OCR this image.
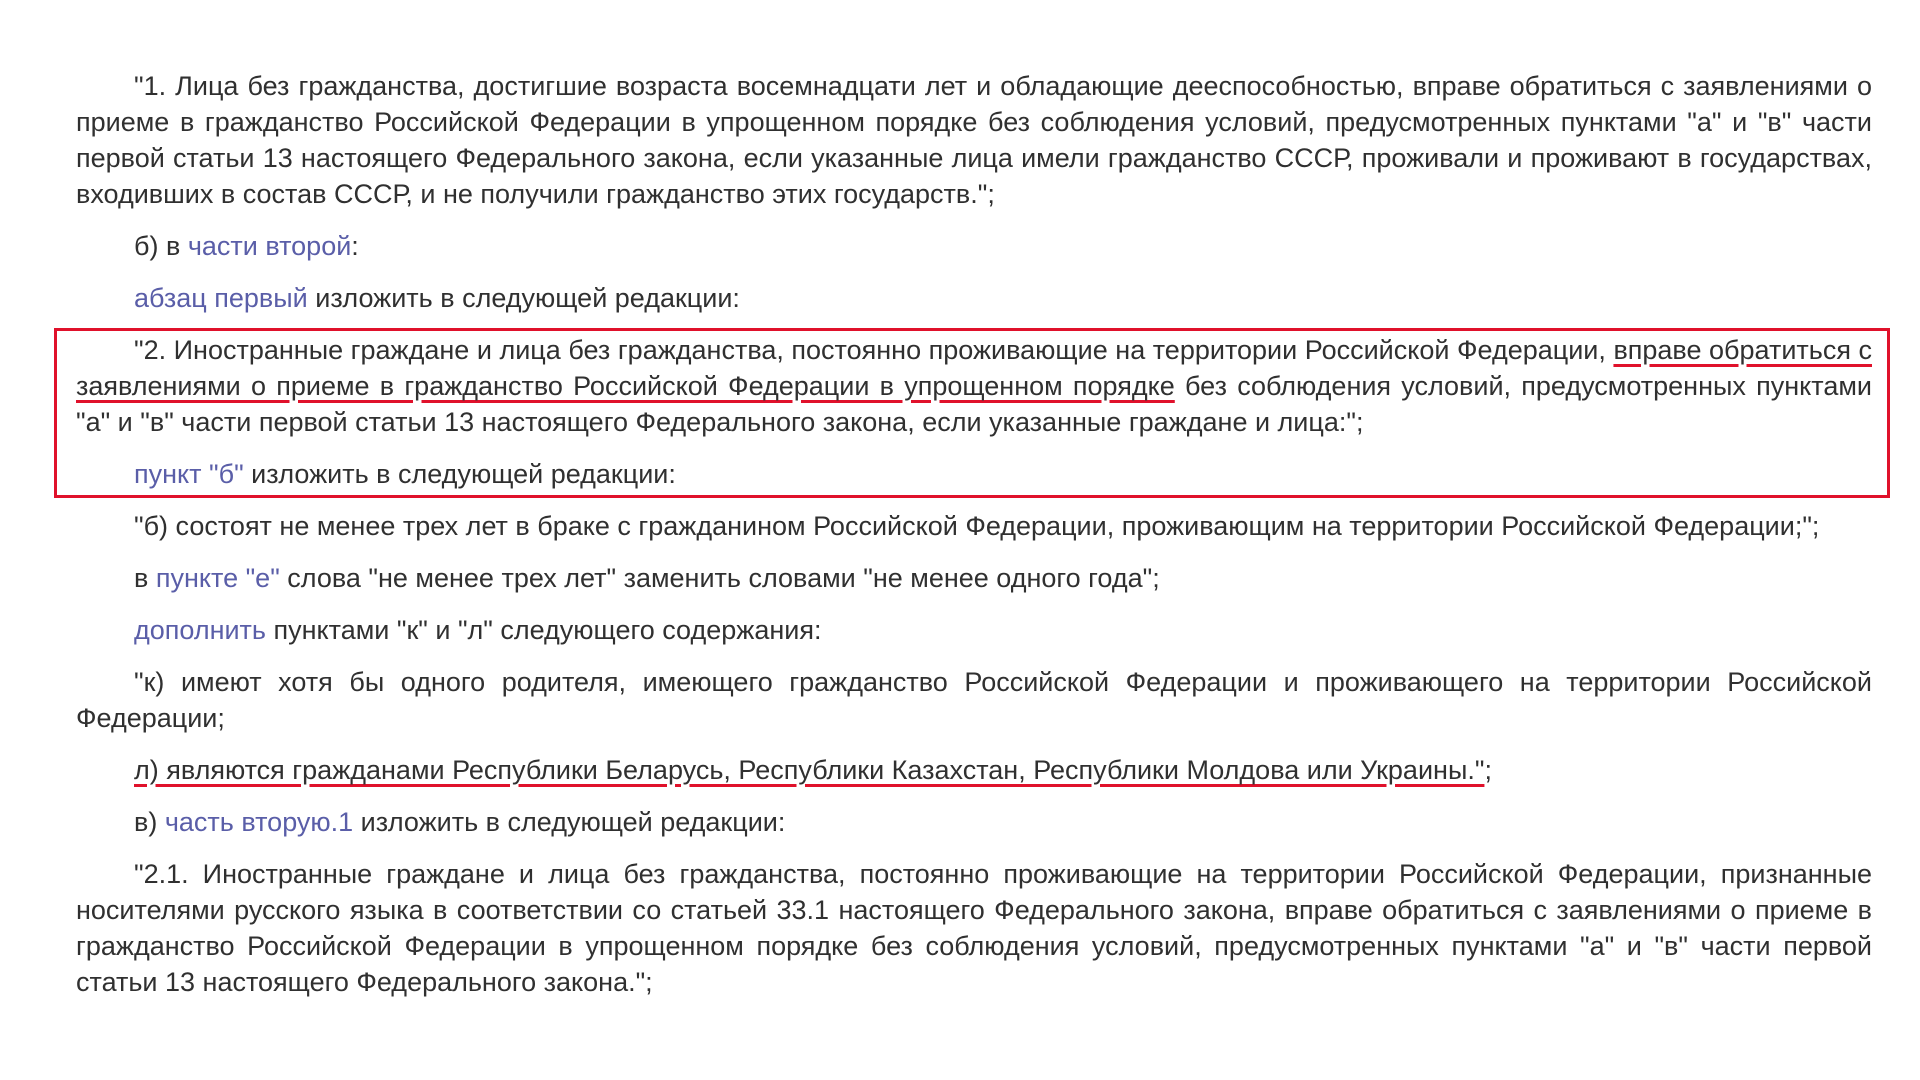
"1. Лица без гражданства, достигшие возраста восемнадцати лет и обладающие дееспособностью, вправе обратиться с заявлениями о приеме в гражданство Российской Федерации в упрощенном порядке без соблюдения условий, предусмотренных пунктами "а" и "в" части первой статьи 13 настоящего Федерального закона, если указанные лица имели гражданство СССР, проживали и проживают в государствах, входивших в состав СССР, и не получили гражданство этих государств.";

б) в части второй:

абзац первый изложить в следующей редакции:

"2. Иностранные граждане и лица без гражданства, постоянно проживающие на территории Российской Федерации, вправе обратиться с заявлениями о приеме в гражданство Российской Федерации в упрощенном порядке без соблюдения условий, предусмотренных пунктами "а" и "в" части первой статьи 13 настоящего Федерального закона, если указанные граждане и лица:";

пункт "б" изложить в следующей редакции:

"б) состоят не менее трех лет в браке с гражданином Российской Федерации, проживающим на территории Российской Федерации;";

в пункте "е" слова "не менее трех лет" заменить словами "не менее одного года";

дополнить пунктами "к" и "л" следующего содержания:

"к) имеют хотя бы одного родителя, имеющего гражданство Российской Федерации и проживающего на территории Российской Федерации;

л) являются гражданами Республики Беларусь, Республики Казахстан, Республики Молдова или Украины.";

в) часть вторую.1 изложить в следующей редакции:

"2.1. Иностранные граждане и лица без гражданства, постоянно проживающие на территории Российской Федерации, признанные носителями русского языка в соответствии со статьей 33.1 настоящего Федерального закона, вправе обратиться с заявлениями о приеме в гражданство Российской Федерации в упрощенном порядке без соблюдения условий, предусмотренных пунктами "а" и "в" части первой статьи 13 настоящего Федерального закона.";
